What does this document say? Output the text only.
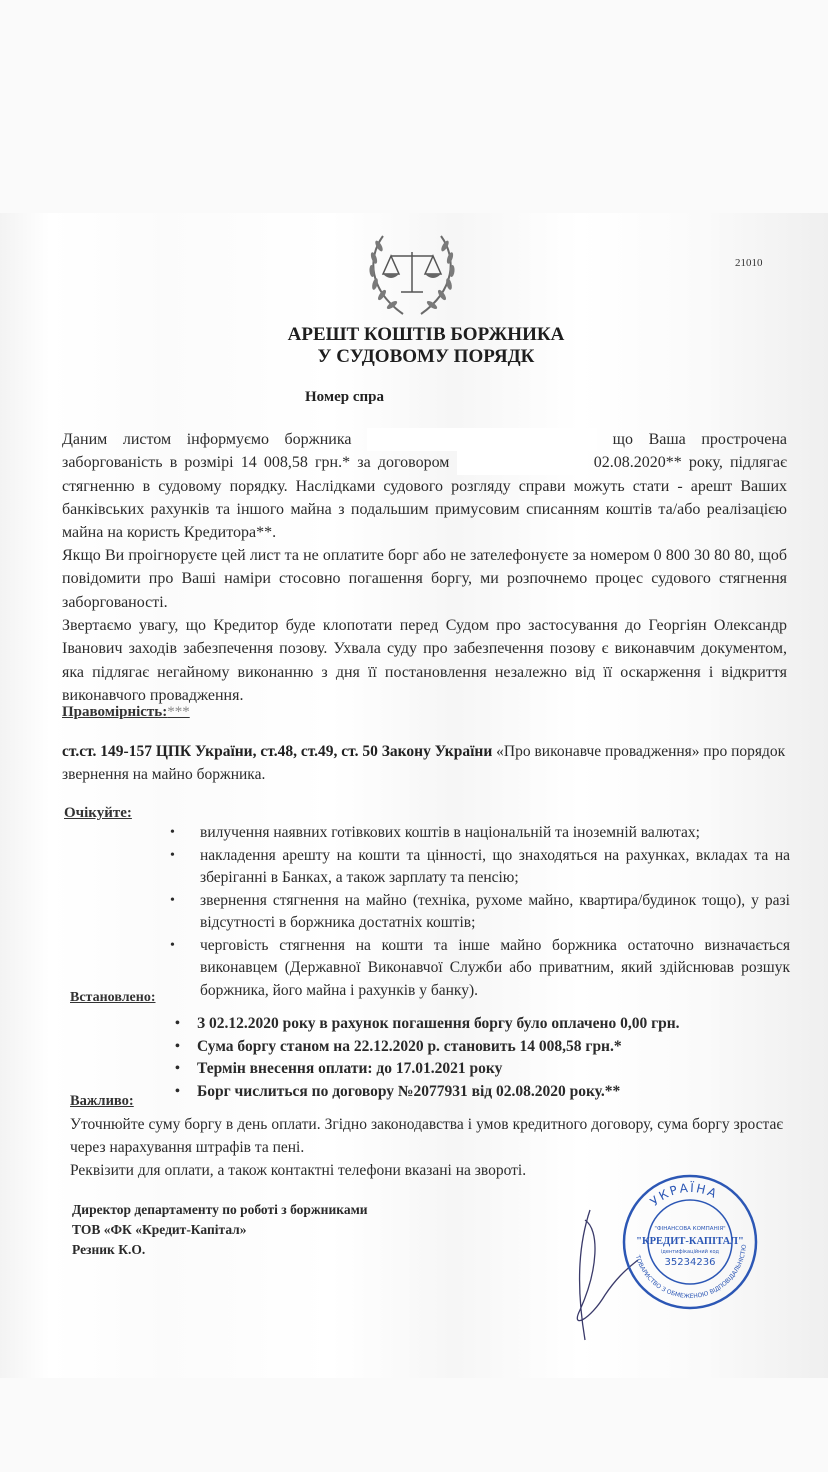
21010
АРЕШТ КОШТІВ БОРЖНИКА
У СУДОВОМУ ПОРЯДК
Номер спра
Даним листом інформуємо боржника	що Ваша прострочена заборгованість в розмірі 14 008,58 грн.* за договором	02.08.2020** року, підлягає стягненню в судовому порядку. Наслідками судового розгляду справи можуть стати - арешт Ваших банківських рахунків та іншого майна з подальшим примусовим списанням коштів та/або реалізацією майна на користь Кредитора**.
Якщо Ви проігноруєте цей лист та не оплатите борг або не зателефонуєте за номером 0 800 30 80 80, щоб повідомити про Ваші наміри стосовно погашення боргу, ми розпочнемо процес судового стягнення заборгованості.
Звертаємо увагу, що Кредитор буде клопотати перед Судом про застосування до Георгіян Олександр Іванович заходів забезпечення позову. Ухвала суду про забезпечення позову є виконавчим документом, яка підлягає негайному виконанню з дня її постановлення незалежно від її оскарження і відкриття виконавчого провадження.
Правомірність:***
ст.ст. 149-157 ЦПК України, ст.48, ст.49, ст. 50 Закону України «Про виконавче провадження» про порядок звернення на майно боржника.
Очікуйте:
• вилучення наявних готівкових коштів в національній та іноземній валютах;
• накладення арешту на кошти та цінності, що знаходяться на рахунках, вкладах та на зберіганні в Банках, а також зарплату та пенсію;
• звернення стягнення на майно (техніка, рухоме майно, квартира/будинок тощо), у разі відсутності в боржника достатніх коштів;
• черговість стягнення на кошти та інше майно боржника остаточно визначається виконавцем (Державної Виконавчої Служби або приватним, який здійснював розшук боржника, його майна і рахунків у банку).
Встановлено:
• З 02.12.2020 року в рахунок погашення боргу було оплачено 0,00 грн.
• Сума боргу станом на 22.12.2020 р. становить 14 008,58 грн.*
• Термін внесення оплати: до 17.01.2021 року
• Борг числиться по договору №2077931 від 02.08.2020 року.**
Важливо:
Уточнюйте суму боргу в день оплати. Згідно законодавства і умов кредитного договору, сума боргу зростає через нарахування штрафів та пені.
Реквізити для оплати, а також контактні телефони вказані на звороті.
Директор департаменту по роботі з боржниками
ТОВ «ФК «Кредит-Капітал»
Резник К.О.
УКРАЇНА
ТОВАРИСТВО З ОБМЕЖЕНОЮ ВІДПОВІДАЛЬНІСТЮ
"ФІНАНСОВА КОМПАНІЯ"
"КРЕДИТ-КАПІТАЛ"
ідентифікаційний код
35234236
